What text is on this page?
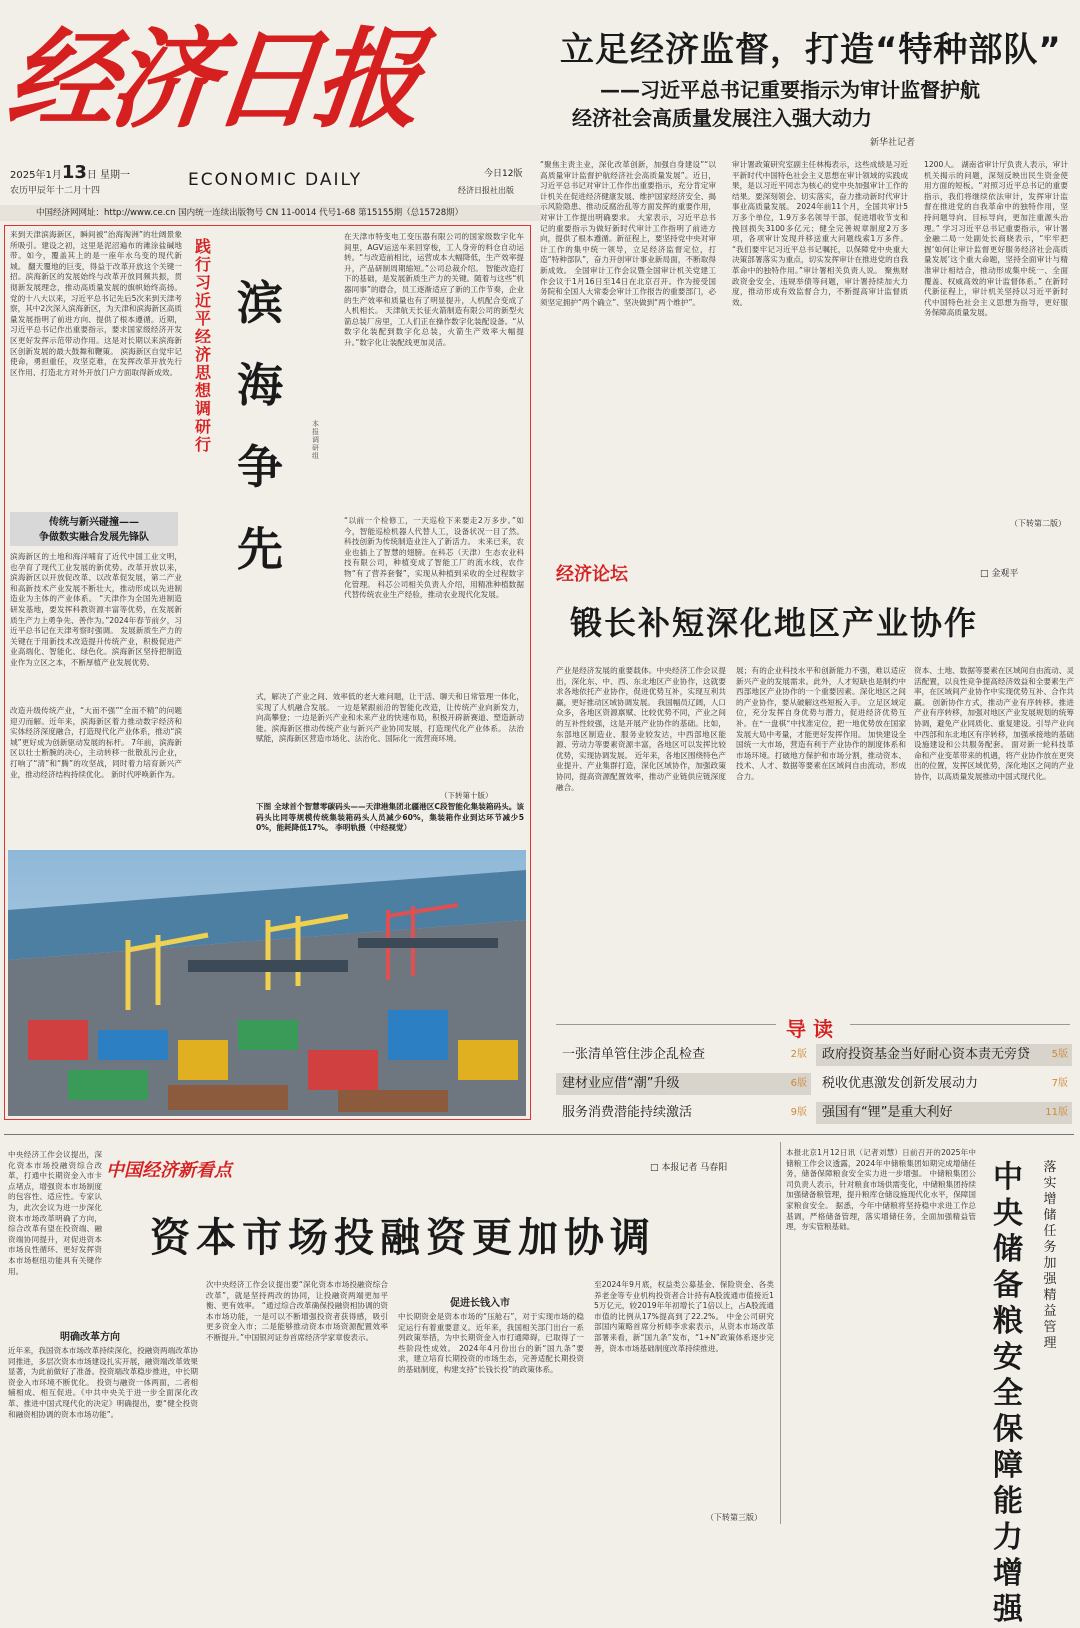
经济日报
2025年1月13日 星期一
农历甲辰年十二月十四
ECONOMIC DAILY	今日12版
经济日报社出版
中国经济网网址：http://www.ce.cn 国内统一连续出版物号 CN 11-0014 代号1-68 第15155期（总15728期）
立足经济监督，打造“特种部队”
——习近平总书记重要指示为审计监督护航
经济社会高质量发展注入强大动力
新华社记者
“聚焦主责主业，深化改革创新，加强自身建设”“以高质量审计监督护航经济社会高质量发展”。近日，习近平总书记对审计工作作出重要指示，充分肯定审计机关在促进经济健康发展、维护国家经济安全、揭示风险隐患、推动反腐治乱等方面发挥的重要作用，对审计工作提出明确要求。 大家表示，习近平总书记的重要指示为做好新时代审计工作指明了前进方向，提供了根本遵循。新征程上，要坚持党中央对审计工作的集中统一领导，立足经济监督定位，打造“特种部队”，奋力开创审计事业新局面，不断取得新成效。 全国审计工作会议暨全国审计机关党建工作会议于1月16日至14日在北京召开。作为接受国务院和全国人大常委会审计工作报告的重要部门，必须坚定拥护“两个确立”、坚决做到“两个维护”。
审计署政策研究室副主任林梅表示，这些成绩是习近平新时代中国特色社会主义思想在审计领域的实践成果，是以习近平同志为核心的党中央加强审计工作的结果。要深刻领会、切实落实，奋力推动新时代审计事业高质量发展。 2024年前11个月，全国共审计5万多个单位，1.9万多名领导干部，促进增收节支和挽回损失3100多亿元；健全完善规章制度2万多项，各项审计发现并移送重大问题线索1万多件。 “我们要牢记习近平总书记嘱托，以保障党中央重大决策部署落实为重点，切实发挥审计在推进党的自我革命中的独特作用。”审计署相关负责人说。 聚焦财政资金安全、违规举债等问题，审计署持续加大力度，推动形成有效监督合力，不断提高审计监督质效。
1200人。 湖南省审计厅负责人表示，审计机关揭示的问题，深刻反映出民生资金使用方面的短板。“对照习近平总书记的重要指示，我们将继续依法审计，发挥审计监督在推进党的自我革命中的独特作用，坚持问题导向、目标导向，更加注重源头治理。” 学习习近平总书记重要指示，审计署金融二局一处副处长商晓表示，“牢牢把握‘如何让审计监督更好服务经济社会高质量发展’这个重大命题，坚持全面审计与精准审计相结合，推动形成集中统一、全面覆盖、权威高效的审计监督体系。” 在新时代新征程上，审计机关坚持以习近平新时代中国特色社会主义思想为指导，更好服务保障高质量发展。
（下转第二版）
来到天津滨海新区，瞬间被“治海淘洲”的壮阔景象所吸引。建设之初，这里是泥沼遍布的滩涂盐碱地带。如今，覆盖其上的是一座年水乌变的现代新城。 翻天覆地的巨变，得益于改革开放这个关键一招。滨海新区的发展始终与改革开放同频共振，贯彻新发展理念，推动高质量发展的旗帜始终高扬。 党的十八大以来，习近平总书记先后5次来到天津考察，其中2次深入滨海新区，为天津和滨海新区高质量发展指明了前进方向、提供了根本遵循。近期，习近平总书记作出重要指示，要求国家级经济开发区更好发挥示范带动作用。这是对长期以来滨海新区创新发展的最大鼓舞和鞭策。 滨海新区自觉牢记使命，勇担重任，攻坚克难，在发挥改革开放先行区作用、打造北方对外开放门户方面取得新成效。
践行习近平经济思想调研行
滨海争先
本报调研组
传统与新兴碰撞——
争做数实融合发展先锋队
滨海新区的土地和海洋哺育了近代中国工业文明，也孕育了现代工业发展的新优势。改革开放以来，滨海新区以开放促改革、以改革促发展，第二产业和高新技术产业发展不断壮大，推动形成以先进制造业为主体的产业体系。 “天津作为全国先进制造研发基地，要发挥科教资源丰富等优势，在发展新质生产力上勇争先、善作为。”2024年春节前夕，习近平总书记在天津考察时强调。 发展新质生产力的关键在于用新技术改造提升传统产业，积极促进产业高端化、智能化、绿色化。滨海新区坚持把制造业作为立区之本，不断厚植产业发展优势。
改造升级传统产业，“大而不强”“全而不精”的问题迎刃而解。近年来，滨海新区着力推动数字经济和实体经济深度融合，打造现代化产业体系，推动“滨城”更好成为创新驱动发展的标杆。 7年前，滨海新区以壮士断腕的决心，主动转移一批散乱污企业，打响了“清”和“腾”的攻坚战，同时着力培育新兴产业，推动经济结构持续优化。 新时代呼唤新作为。
在天津市特变电工变压器有限公司的国家级数字化车间里，AGV运送车来回穿梭，工人身旁的料仓自动运转。“与改造前相比，运营成本大幅降低，生产效率提升，产品研制周期缩短。”公司总裁介绍。 智能改造打下的基础，是发展新质生产力的关键。随着与这些“机器同事”的磨合，员工逐渐适应了新的工作节奏，企业的生产效率和质量也有了明显提升，人机配合变成了人机相长。 天津航天长征火箭制造有限公司的新型火箭总装厂房里，工人们正在操作数字化装配设备。“从数字化装配到数字化总装，火箭生产效率大幅提升。”数字化让装配线更加灵活。
“以前一个检修工，一天巡检下来要走2万多步。”如今，智能巡检机器人代替人工，设备状况一目了然。科技创新为传统制造业注入了新活力。 未来已来，农业也插上了智慧的翅膀。在科芯（天津）生态农业科技有限公司，种植变成了智能工厂的流水线，农作物“有了营养套餐”，实现从种植到采收的全过程数字化管理。 科芯公司相关负责人介绍，用精准种植数据代替传统农业生产经验，推动农业现代化发展。
式，解决了产业之间、效率低的老大难问题，让干活、聊天和日常管理一体化，实现了人机融合发展。 一边是紧跟前沿的智能化改造，让传统产业向新发力，向高攀登；一边是新兴产业和未来产业的快速布局，积极开辟新赛道、塑造新动能。滨海新区推动传统产业与新兴产业协同发展，打造现代化产业体系。 法治赋能，滨海新区营造市场化、法治化、国际化一流营商环境。
（下转第十版）
下图 全球首个智慧零碳码头——天津港集团北疆港区C段智能化集装箱码头。该码头比同等规模传统集装箱码头人员减少60%，集装箱作业到达环节减少50%，能耗降低17%。 李明轨摄（中经视觉）
经济论坛	□ 金观平
锻长补短深化地区产业协作
产业是经济发展的重要载体。中央经济工作会议提出，深化东、中、西、东北地区产业协作，这就要求各地依托产业协作，促进优势互补，实现互利共赢，更好推动区域协调发展。 我国幅员辽阔，人口众多，各地区资源禀赋、比较优势不同，产业之间的互补性较强，这是开展产业协作的基础。比如，东部地区制造业、服务业较发达，中西部地区能源、劳动力等要素资源丰富，各地区可以发挥比较优势，实现协调发展。 近年来，各地区围绕特色产业提升、产业集群打造，深化区域协作，加强政策协同，提高资源配置效率，推动产业链供应链深度融合。
展；有的企业科技水平和创新能力不强，难以适应新兴产业的发展需求。此外，人才短缺也是制约中西部地区产业协作的一个重要因素。深化地区之间的产业协作，要从破解这些短板入手。 立足区域定位，充分发挥自身优势与潜力，促进经济优势互补。在“一盘棋”中找准定位，把一地优势放在国家发展大局中考量，才能更好发挥作用。 加快建设全国统一大市场，营造有利于产业协作的制度体系和市场环境。打破地方保护和市场分割，推动资本、技术、人才、数据等要素在区域间自由流动，形成合力。
资本、土地、数据等要素在区域间自由流动、灵活配置，以良性竞争提高经济效益和全要素生产率，在区域间产业协作中实现优势互补、合作共赢。 创新协作方式，推动产业有序转移。推进产业有序转移，加强对地区产业发展规划的统筹协调，避免产业同质化、重复建设。引导产业向中西部和东北地区有序转移，加强承接地的基础设施建设和公共服务配套。 面对新一轮科技革命和产业变革带来的机遇，将产业协作放在更突出的位置，发挥区域优势，深化地区之间的产业协作，以高质量发展推动中国式现代化。
导 读
一张清单管住涉企乱检查	2版	政府投资基金当好耐心资本责无旁贷 5版
建材业应借“潮”升级	6版	税收优惠激发创新发展动力	7版
服务消费潜能持续激活	9版	强国有“锂”是重大利好	11版
中国经济新看点	□ 本报记者 马春阳
资本市场投融资更加协调
中央经济工作会议提出，深化资本市场投融资综合改革，打通中长期资金入市卡点堵点，增强资本市场制度的包容性、适应性。专家认为，此次会议为进一步深化资本市场改革明确了方向，综合改革有望在投资端、融资端协同提升，对促进资本市场良性循环、更好发挥资本市场枢纽功能具有关键作用。
明确改革方向
近年来，我国资本市场改革持续深化，投融资两端改革协同推进，多层次资本市场建设扎实开展，融资端改革效果显著，为此前做好了准备。投资端改革稳步推进，中长期资金入市环境不断优化。 投资与融资一体两面，二者相辅相成、相互促进。《中共中央关于进一步全面深化改革、推进中国式现代化的决定》明确提出，要“健全投资和融资相协调的资本市场功能”。
次中央经济工作会议提出要“深化资本市场投融资综合改革”，就是坚持两改的协同，让投融资两端更加平衡、更有效率。 “通过综合改革确保投融资相协调的资本市场功能，一是可以不断增强投资者获得感，吸引更多资金入市；二是能够推动资本市场资源配置效率不断提升。”中国银河证券首席经济学家章俊表示。
促进长钱入市
中长期资金是资本市场的“压舱石”，对于实现市场的稳定运行有着重要意义。近年来，我国相关部门出台一系列政策举措，为中长期资金入市打通障碍，已取得了一些阶段性成效。 2024年4月份出台的新“国九条”要求，建立培育长期投资的市场生态，完善适配长期投资的基础制度，构建支持“长钱长投”的政策体系。
至2024年9月底，权益类公募基金、保险资金、各类养老金等专业机构投资者合计持有A股流通市值接近15万亿元，较2019年年初增长了1倍以上，占A股流通市值的比例从17%提高到了22.2%。 中金公司研究部国内策略首席分析师李求索表示，从资本市场改革部署来看，新“国九条”发布，“1+N”政策体系逐步完善，资本市场基础制度改革持续推进。
（下转第三版）
本报北京1月12日讯（记者刘慧）日前召开的2025年中储粮工作会议透露，2024年中储粮集团如期完成增储任务，储备保障粮食安全实力进一步增强。 中储粮集团公司负责人表示，针对粮食市场供需变化，中储粮集团持续加强储备粮管理，提升粮库仓储设施现代化水平，保障国家粮食安全。 据悉，今年中储粮将坚持稳中求进工作总基调，严格储备管理，落实增储任务，全面加强精益管理，夯实管粮基础。
中央储备粮安全保障能力增强
落实增储任务 加强精益管理
